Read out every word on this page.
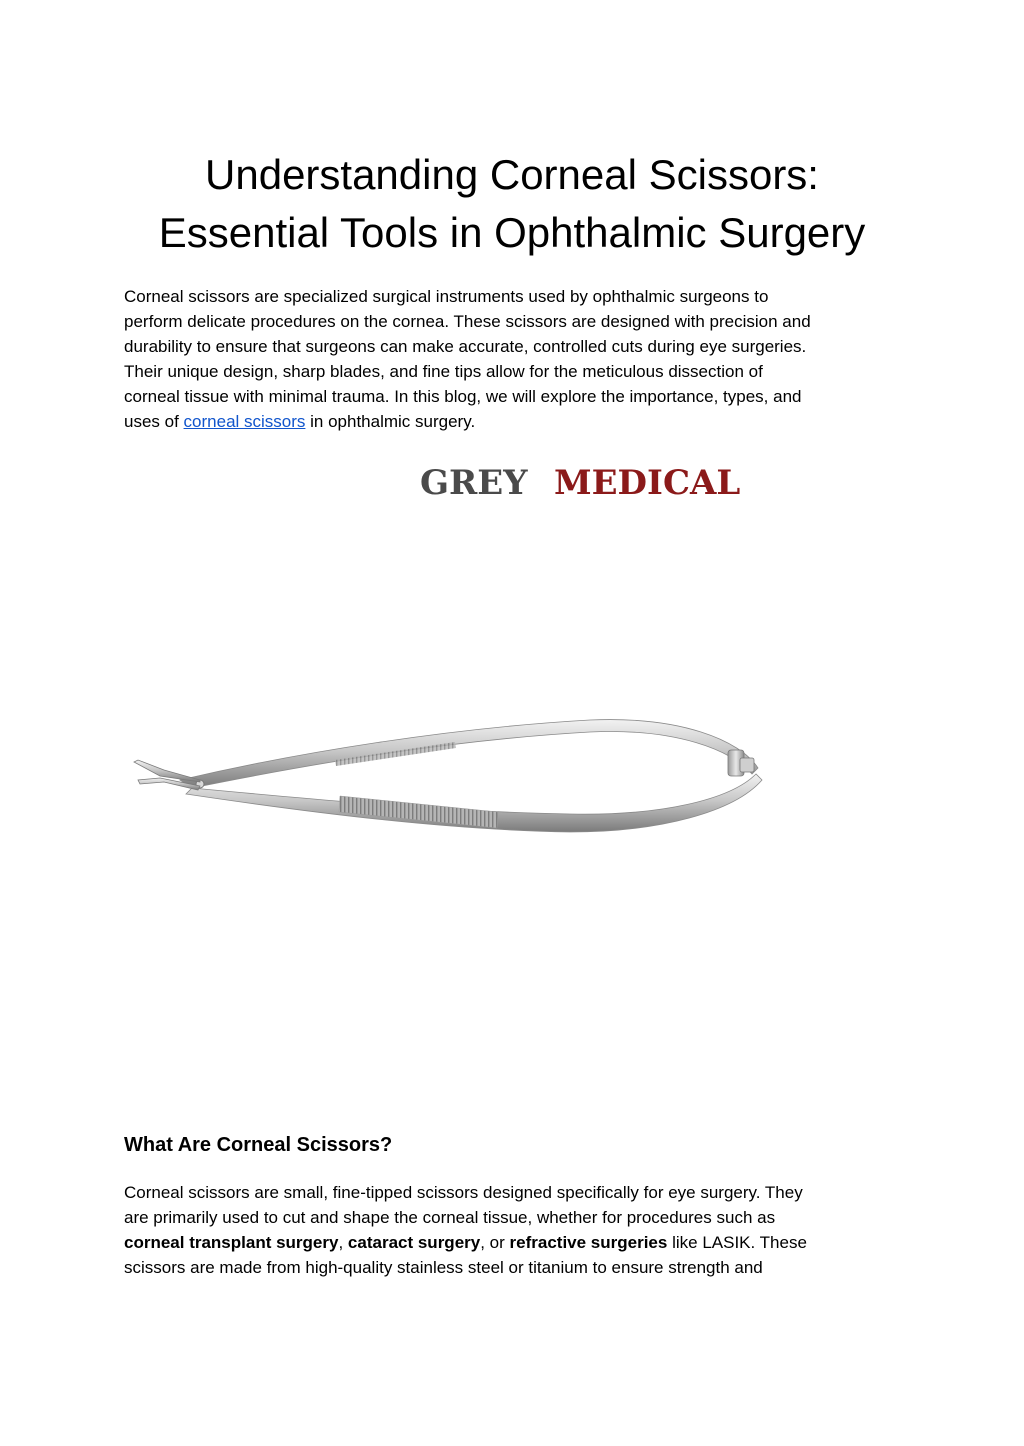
Understanding Corneal Scissors:
Essential Tools in Ophthalmic Surgery

Corneal scissors are specialized surgical instruments used by ophthalmic surgeons to
perform delicate procedures on the cornea. These scissors are designed with precision and
durability to ensure that surgeons can make accurate, controlled cuts during eye surgeries.
Their unique design, sharp blades, and fine tips allow for the meticulous dissection of
corneal tissue with minimal trauma. In this blog, we will explore the importance, types, and
uses of corneal scissors in ophthalmic surgery.

GREY MEDICAL
What Are Corneal Scissors?

Corneal scissors are small, fine-tipped scissors designed specifically for eye surgery. They
are primarily used to cut and shape the corneal tissue, whether for procedures such as
corneal transplant surgery, cataract surgery, or refractive surgeries like LASIK. These
scissors are made from high-quality stainless steel or titanium to ensure strength and
